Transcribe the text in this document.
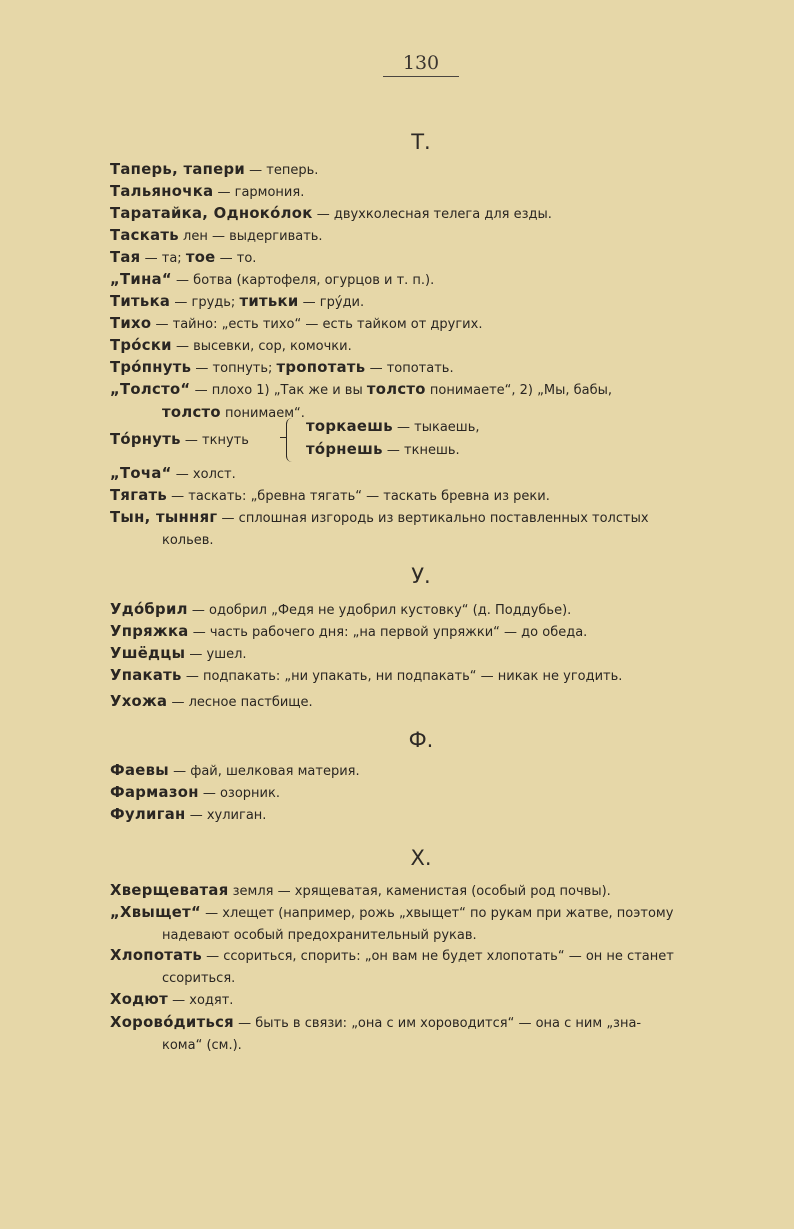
130
Т.
Таперь, тапери — теперь.
Тальяночка — гармония.
Таратайка, Одноко́лок — двухколесная телега для езды.
Таскать лен — выдергивать.
Тая — та; тое — то.
„Тина“ — ботва (картофеля, огурцов и т. п.).
Титька — грудь; титьки — гру́ди.
Тихо — тайно: „есть тихо“ — есть тайком от других.
Тро́ски — высевки, сор, комочки.
Тро́пнуть — топнуть; тропотать — топотать.
„Толсто“ — плохо 1) „Так же и вы толсто понимаете“, 2) „Мы, бабы,
толсто понимаем“.
То́рнуть — ткнуть
торкаешь — тыкаешь,
то́рнешь — ткнешь.
„Точа“ — холст.
Тягать — таскать: „бревна тягать“ — таскать бревна из реки.
Тын, тынняг — сплошная изгородь из вертикально поставленных толстых
кольев.
У.
Удо́брил — одобрил „Федя не удобрил кустовку“ (д. Поддубье).
Упряжка — часть рабочего дня: „на первой упряжки“ — до обеда.
Ушёдцы — ушел.
Упакать — подпакать: „ни упакать, ни подпакать“ — никак не угодить.
Ухожа — лесное пастбище.
Ф.
Фаевы — фай, шелковая материя.
Фармазон — озорник.
Фулиган — хулиган.
Х.
Хверщеватая земля — хрящеватая, каменистая (особый род почвы).
„Хвыщет“ — хлещет (например, рожь „хвыщет“ по рукам при жатве, поэтому
надевают особый предохранительный рукав.
Хлопотать — ссориться, спорить: „он вам не будет хлопотать“ — он не станет
ссориться.
Ходют — ходят.
Хорово́диться — быть в связи: „она с им хороводится“ — она с ним „зна-
кома“ (см.).
